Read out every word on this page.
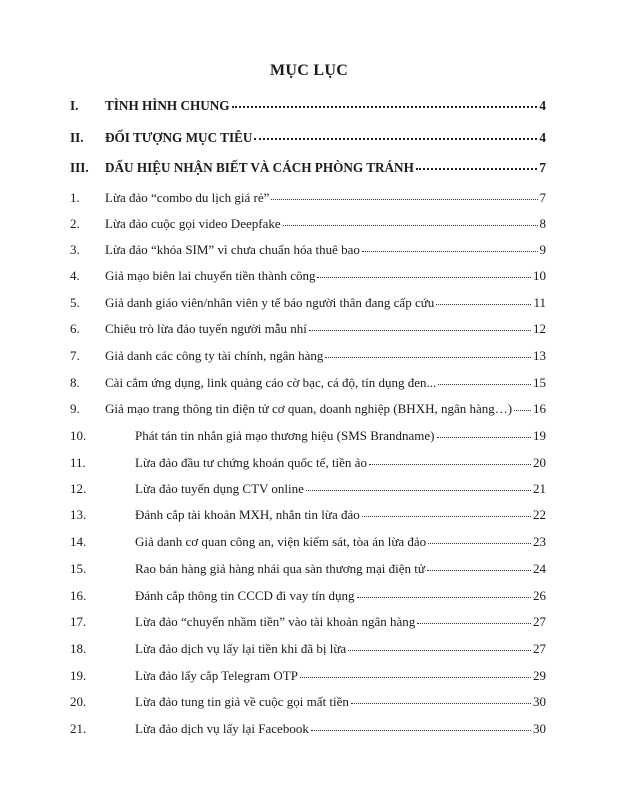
MỤC LỤC
I.	TÌNH HÌNH CHUNG	4
II.	ĐỐI TƯỢNG MỤC TIÊU	4
III.	DẤU HIỆU NHẬN BIẾT VÀ CÁCH PHÒNG TRÁNH	7
1.	Lừa đảo “combo du lịch giá rẻ”	7
2.	Lừa đảo cuộc gọi video Deepfake	8
3.	Lừa đảo “khóa SIM” vì chưa chuẩn hóa thuê bao	9
4.	Giả mạo biên lai chuyển tiền thành công	10
5.	Giả danh giáo viên/nhân viên y tế báo người thân đang cấp cứu	11
6.	Chiêu trò lừa đảo tuyển người mẫu nhí	12
7.	Giả danh các công ty tài chính, ngân hàng	13
8.	Cài cắm ứng dụng, link quảng cáo cờ bạc, cá độ, tín dụng đen...	15
9.	Giả mạo trang thông tin điện tử cơ quan, doanh nghiệp (BHXH, ngân hàng…) 16
10.	Phát tán tin nhắn giả mạo thương hiệu (SMS Brandname)	19
11.	Lừa đảo đầu tư chứng khoán quốc tế, tiền ảo	20
12.	Lừa đảo tuyển dụng CTV online	21
13.	Đánh cắp tài khoản MXH, nhắn tin lừa đảo	22
14.	Giả danh cơ quan công an, viện kiểm sát, tòa án lừa đảo	23
15.	Rao bán hàng giả hàng nhái qua sàn thương mại điện tử	24
16.	Đánh cắp thông tin CCCD đi vay tín dụng	26
17.	Lừa đảo “chuyển nhầm tiền” vào tài khoản ngân hàng	27
18.	Lừa đảo dịch vụ lấy lại tiền khi đã bị lừa	27
19.	Lừa đảo lấy cắp Telegram OTP	29
20.	Lừa đảo tung tin giả về cuộc gọi mất tiền	30
21.	Lừa đảo dịch vụ lấy lại Facebook	30
